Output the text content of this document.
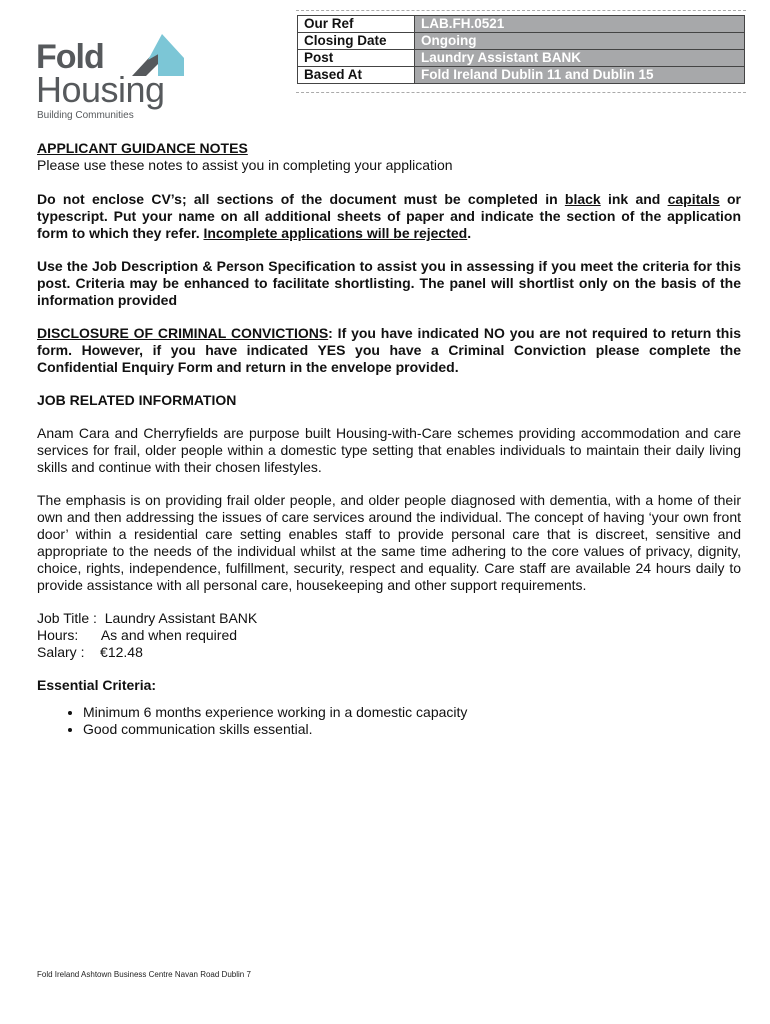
Fold
Housing
Building Communities
Our Ref	LAB.FH.0521
Closing Date	Ongoing
Post	Laundry Assistant BANK
Based At	Fold Ireland Dublin 11 and Dublin 15

APPLICANT GUIDANCE NOTES
Please use these notes to assist you in completing your application

Do not enclose CV’s; all sections of the document must be completed in black ink and capitals or typescript. Put your name on all additional sheets of paper and indicate the section of the application form to which they refer. Incomplete applications will be rejected.

Use the Job Description & Person Specification to assist you in assessing if you meet the criteria for this post. Criteria may be enhanced to facilitate shortlisting. The panel will shortlist only on the basis of the information provided

DISCLOSURE OF CRIMINAL CONVICTIONS: If you have indicated NO you are not required to return this form. However, if you have indicated YES you have a Criminal Conviction please complete the Confidential Enquiry Form and return in the envelope provided.

JOB RELATED INFORMATION

Anam Cara and Cherryfields are purpose built Housing-with-Care schemes providing accommodation and care services for frail, older people within a domestic type setting that enables individuals to maintain their daily living skills and continue with their chosen lifestyles.

The emphasis is on providing frail older people, and older people diagnosed with dementia, with a home of their own and then addressing the issues of care services around the individual. The concept of having ‘your own front door’ within a residential care setting enables staff to provide personal care that is discreet, sensitive and appropriate to the needs of the individual whilst at the same time adhering to the core values of privacy, dignity, choice, rights, independence, fulfillment, security, respect and equality. Care staff are available 24 hours daily to provide assistance with all personal care, housekeeping and other support requirements.

Job Title : Laundry Assistant BANK
Hours: As and when required
Salary : €12.48
Essential Criteria:
• Minimum 6 months experience working in a domestic capacity
• Good communication skills essential.
Fold Ireland Ashtown Business Centre Navan Road Dublin 7
